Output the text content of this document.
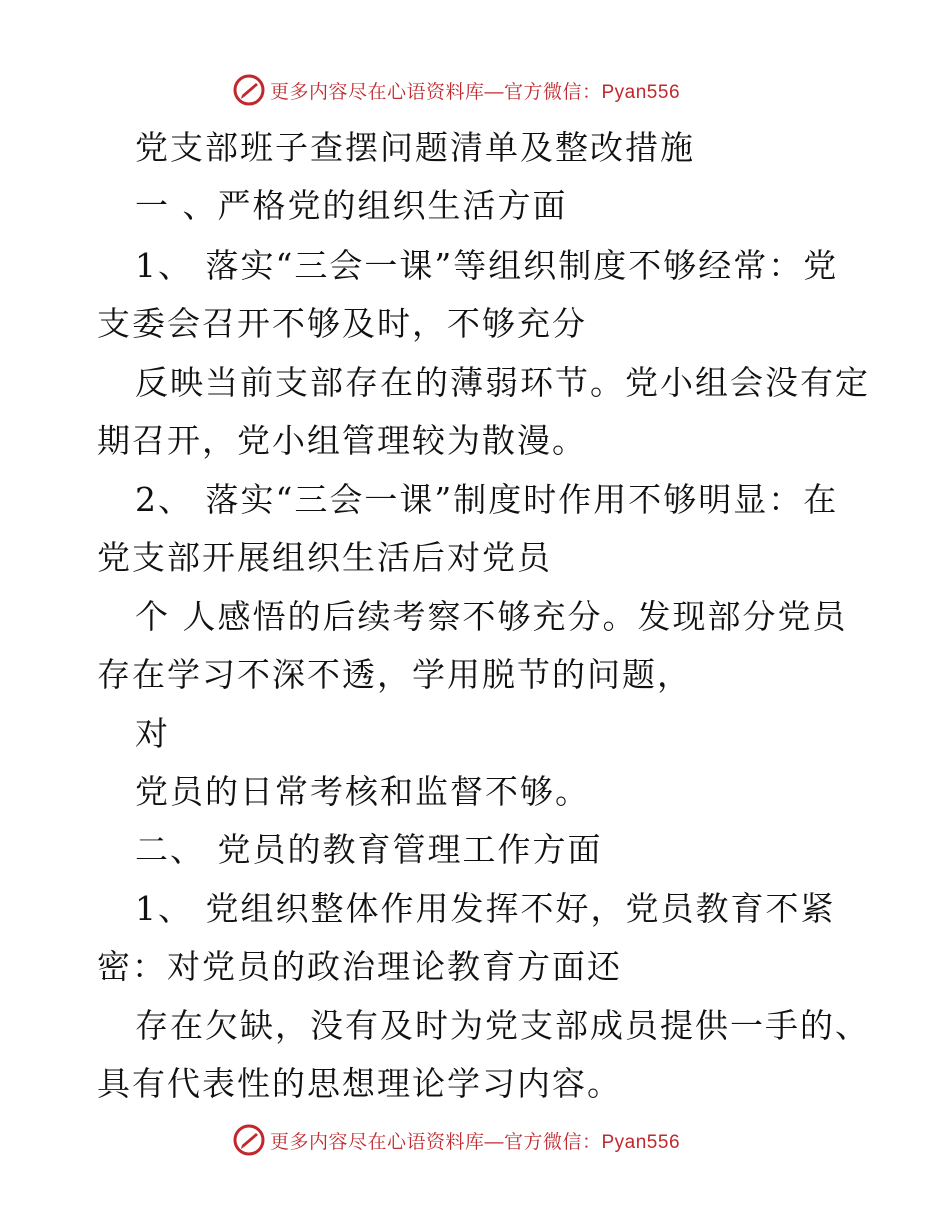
更多内容尽在心语资料库—官方微信：Pyan556
党支部班子查摆问题清单及整改措施
一 、严格党的组织生活方面
1、 落实“三会一课”等组织制度不够经常：党
支委会召开不够及时，不够充分
反映当前支部存在的薄弱环节。党小组会没有定
期召开，党小组管理较为散漫。
2、 落实“三会一课”制度时作用不够明显：在
党支部开展组织生活后对党员
个 人感悟的后续考察不够充分。发现部分党员
存在学习不深不透，学用脱节的问题，
对
党员的日常考核和监督不够。
二、 党员的教育管理工作方面
1、 党组织整体作用发挥不好，党员教育不紧
密：对党员的政治理论教育方面还
存在欠缺，没有及时为党支部成员提供一手的、
具有代表性的思想理论学习内容。
更多内容尽在心语资料库—官方微信：Pyan556
